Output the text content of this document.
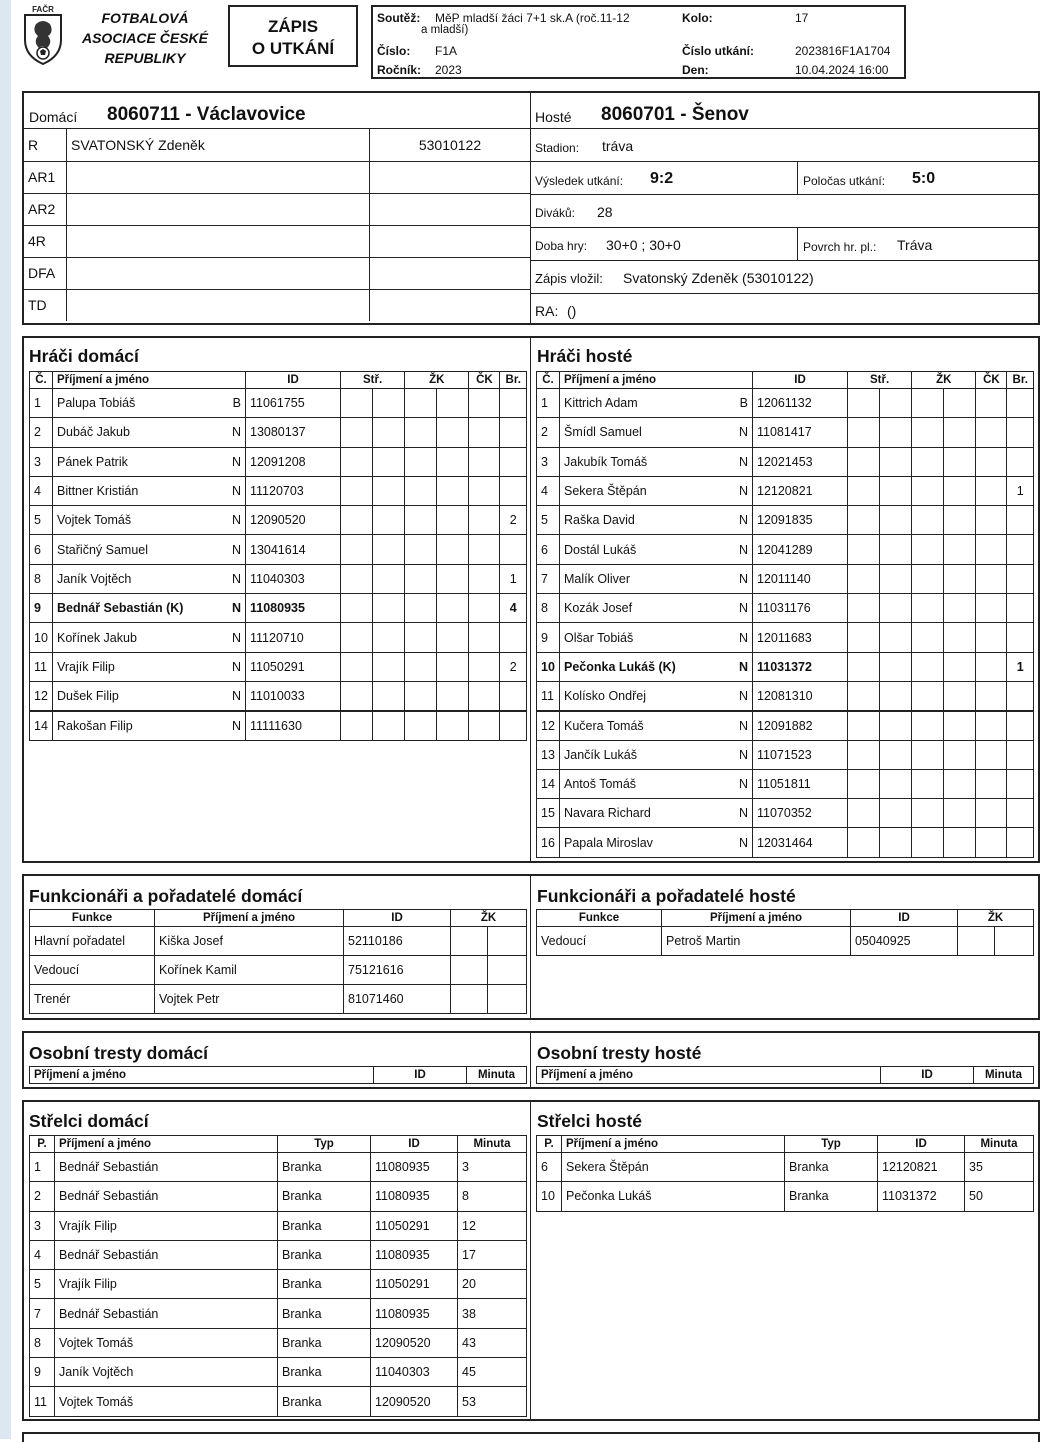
FAČR
FOTBALOVÁ
ASOCIACE ČESKÉ
REPUBLIKY
ZÁPIS
O UTKÁNÍ
Soutěž: MěP mladší žáci 7+1 sk.A (roč.11-12
a mladší)
Kolo:	17
Číslo: F1A	Číslo utkání:	2023816F1A1704
Ročník: 2023	Den:	10.04.2024 16:00
Domácí 8060711 - Václavovice
R	SVATONSKÝ Zdeněk	53010122
AR1		
AR2		
4R		
DFA		
TD		
Hosté 8060701 - Šenov
Stadion: tráva
Výsledek utkání: 9:2	Poločas utkání: 5:0
Diváků: 28
Doba hry: 30+0 ; 30+0	Povrch hr. pl.: Tráva
Zápis vložil: Svatonský Zdeněk (53010122)
RA: ()
Hráči domácí	Hráči hosté
Č.	Příjmení a jméno	ID	Stř.		ŽK		ČK	Br.
1	Palupa Tobiáš B	11061755						
2	Dubáč Jakub N	13080137						
3	Pánek Patrik N	12091208						
4	Bittner Kristián N	11120703						
5	Vojtek Tomáš N	12090520						2
6	Stařičný Samuel N	13041614						
8	Janík Vojtěch N	11040303						1
9	Bednář Sebastián (K) N	11080935						4
10	Kořínek Jakub N	11120710						
11	Vrajík Filip N	11050291						2
12	Dušek Filip N	11010033						
14	Rakošan Filip N	11111630						
Č.	Příjmení a jméno	ID	Stř.		ŽK		ČK	Br.
1	Kittrich Adam B	12061132						
2	Šmídl Samuel N	11081417						
3	Jakubík Tomáš N	12021453						
4	Sekera Štěpán N	12120821						1
5	Raška David N	12091835						
6	Dostál Lukáš N	12041289						
7	Malík Oliver N	12011140						
8	Kozák Josef N	11031176						
9	Olšar Tobiáš N	12011683						
10	Pečonka Lukáš (K) N	11031372						1
11	Kolísko Ondřej N	12081310						
12	Kučera Tomáš N	12091882						
13	Jančík Lukáš N	11071523						
14	Antoš Tomáš N	11051811						
15	Navara Richard N	11070352						
16	Papala Miroslav N	12031464						
Funkcionáři a pořadatelé domácí	Funkcionáři a pořadatelé hosté
Funkce	Příjmení a jméno	ID	ŽK	
Hlavní pořadatel	Kiška Josef	52110186		
Vedoucí	Kořínek Kamil	75121616		
Trenér	Vojtek Petr	81071460		
Funkce	Příjmení a jméno	ID	ŽK	
Vedoucí	Petroš Martin	05040925		
Osobní tresty domácí	Osobní tresty hosté
Příjmení a jméno	ID	Minuta Příjmení a jméno	ID	Minuta
Střelci domácí	Střelci hosté
P.	Příjmení a jméno	Typ	ID	Minuta
1	Bednář Sebastián	Branka	11080935	3
2	Bednář Sebastián	Branka	11080935	8
3	Vrajík Filip	Branka	11050291	12
4	Bednář Sebastián	Branka	11080935	17
5	Vrajík Filip	Branka	11050291	20
7	Bednář Sebastián	Branka	11080935	38
8	Vojtek Tomáš	Branka	12090520	43
9	Janík Vojtěch	Branka	11040303	45
11	Vojtek Tomáš	Branka	12090520	53
P.	Příjmení a jméno	Typ	ID	Minuta
6	Sekera Štěpán	Branka	12120821	35
10	Pečonka Lukáš	Branka	11031372	50
